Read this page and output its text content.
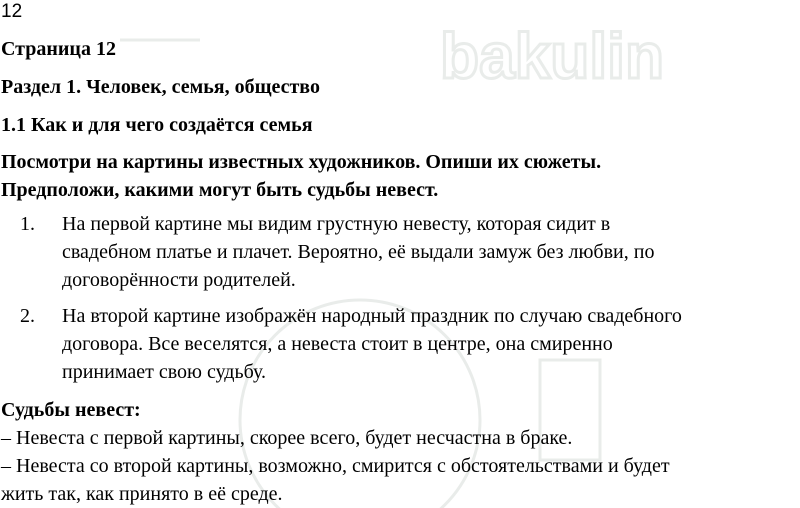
bakulin
12
Страница 12
Раздел 1. Человек, семья, общество
1.1 Как и для чего создаётся семья
Посмотри на картины известных художников. Опиши их сюжеты.
Предположи, какими могут быть судьбы невест.
1. На первой картине мы видим грустную невесту, которая сидит в
свадебном платье и плачет. Вероятно, её выдали замуж без любви, по
договорённости родителей.
2. На второй картине изображён народный праздник по случаю свадебного
договора. Все веселятся, а невеста стоит в центре, она смиренно
принимает свою судьбу.
Судьбы невест:
– Невеста с первой картины, скорее всего, будет несчастна в браке.
– Невеста со второй картины, возможно, смирится с обстоятельствами и будет
жить так, как принято в её среде.
